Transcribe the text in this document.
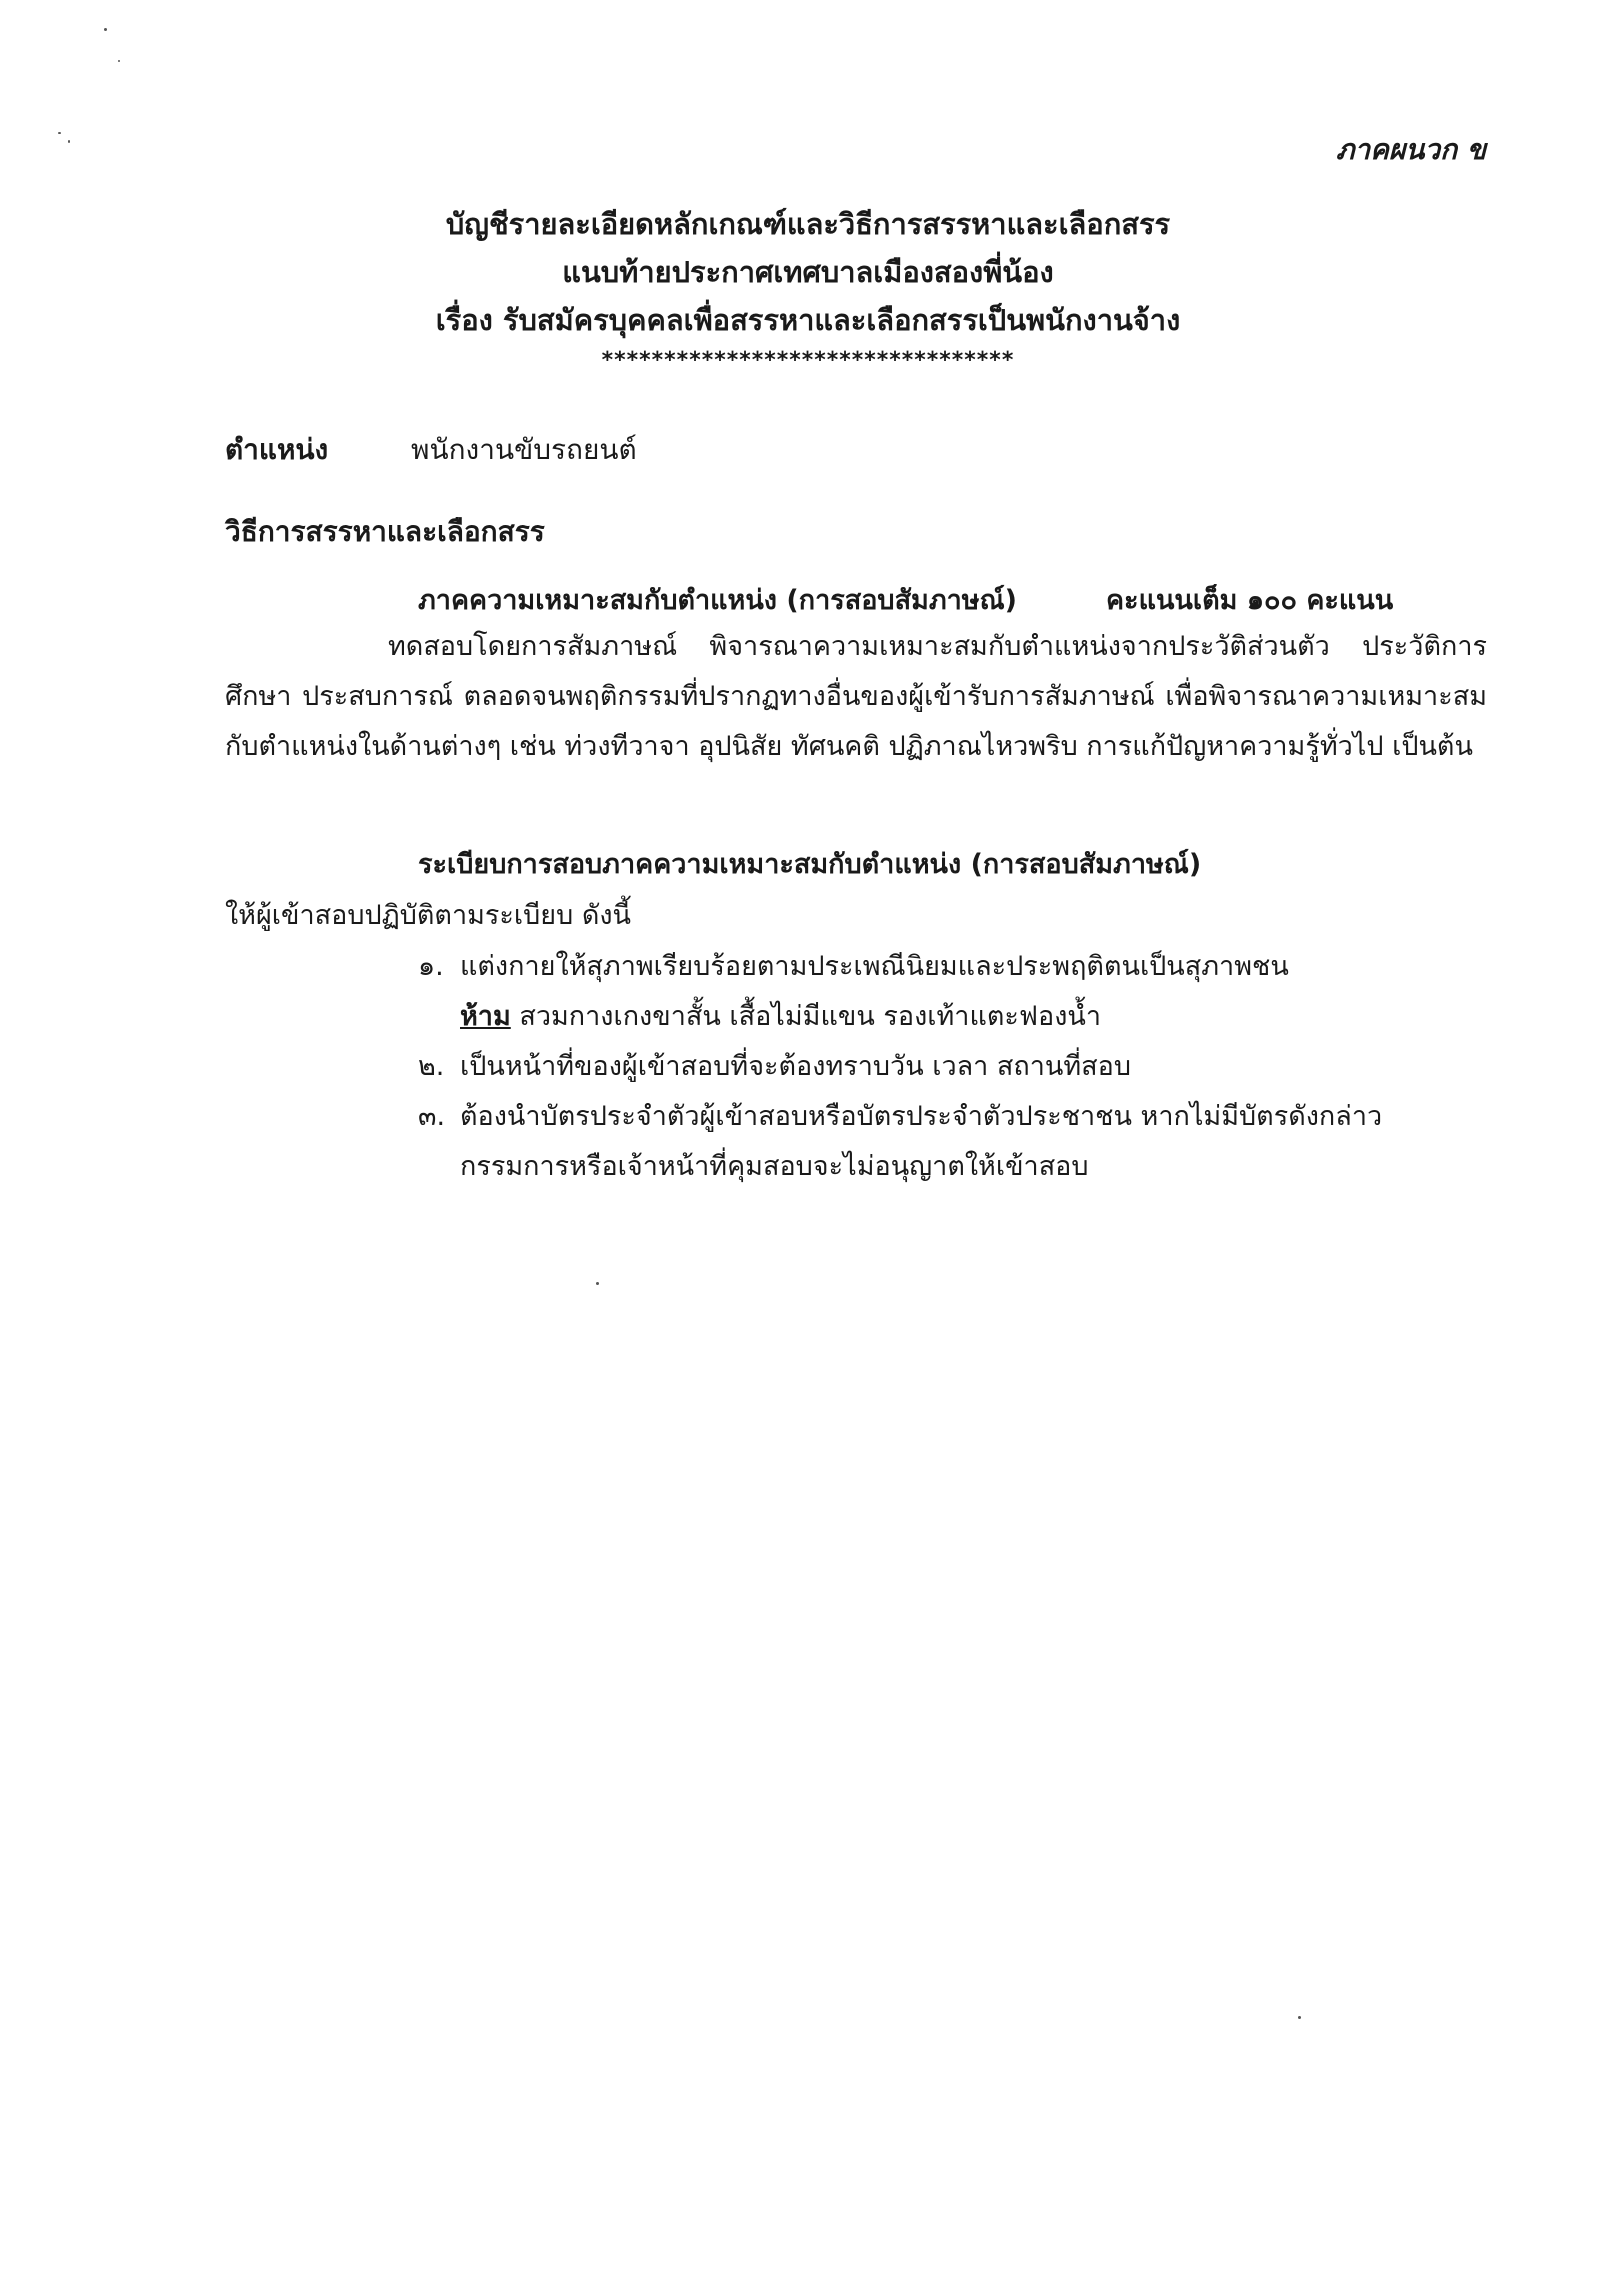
ภาคผนวก ข
บัญชีรายละเอียดหลักเกณฑ์และวิธีการสรรหาและเลือกสรร
แนบท้ายประกาศเทศบาลเมืองสองพี่น้อง
เรื่อง รับสมัครบุคคลเพื่อสรรหาและเลือกสรรเป็นพนักงานจ้าง
*********************************
ตำแหน่ง	พนักงานขับรถยนต์
วิธีการสรรหาและเลือกสรร
ภาคความเหมาะสมกับตำแหน่ง (การสอบสัมภาษณ์)	คะแนนเต็ม ๑๐๐ คะแนน
ทดสอบโดยการสัมภาษณ์ พิจารณาความเหมาะสมกับตำแหน่งจากประวัติส่วนตัว ประวัติการศึกษา ประสบการณ์ ตลอดจนพฤติกรรมที่ปรากฏทางอื่นของผู้เข้ารับการสัมภาษณ์ เพื่อพิจารณาความเหมาะสมกับตำแหน่งในด้านต่างๆ เช่น ท่วงทีวาจา อุปนิสัย ทัศนคติ ปฏิภาณไหวพริบ การแก้ปัญหาความรู้ทั่วไป เป็นต้น
ระเบียบการสอบภาคความเหมาะสมกับตำแหน่ง (การสอบสัมภาษณ์)
ให้ผู้เข้าสอบปฏิบัติตามระเบียบ ดังนี้
๑. แต่งกายให้สุภาพเรียบร้อยตามประเพณีนิยมและประพฤติตนเป็นสุภาพชน
ห้าม สวมกางเกงขาสั้น เสื้อไม่มีแขน รองเท้าแตะฟองน้ำ
๒. เป็นหน้าที่ของผู้เข้าสอบที่จะต้องทราบวัน เวลา สถานที่สอบ
๓. ต้องนำบัตรประจำตัวผู้เข้าสอบหรือบัตรประจำตัวประชาชน หากไม่มีบัตรดังกล่าวกรรมการหรือเจ้าหน้าที่คุมสอบจะไม่อนุญาตให้เข้าสอบ
